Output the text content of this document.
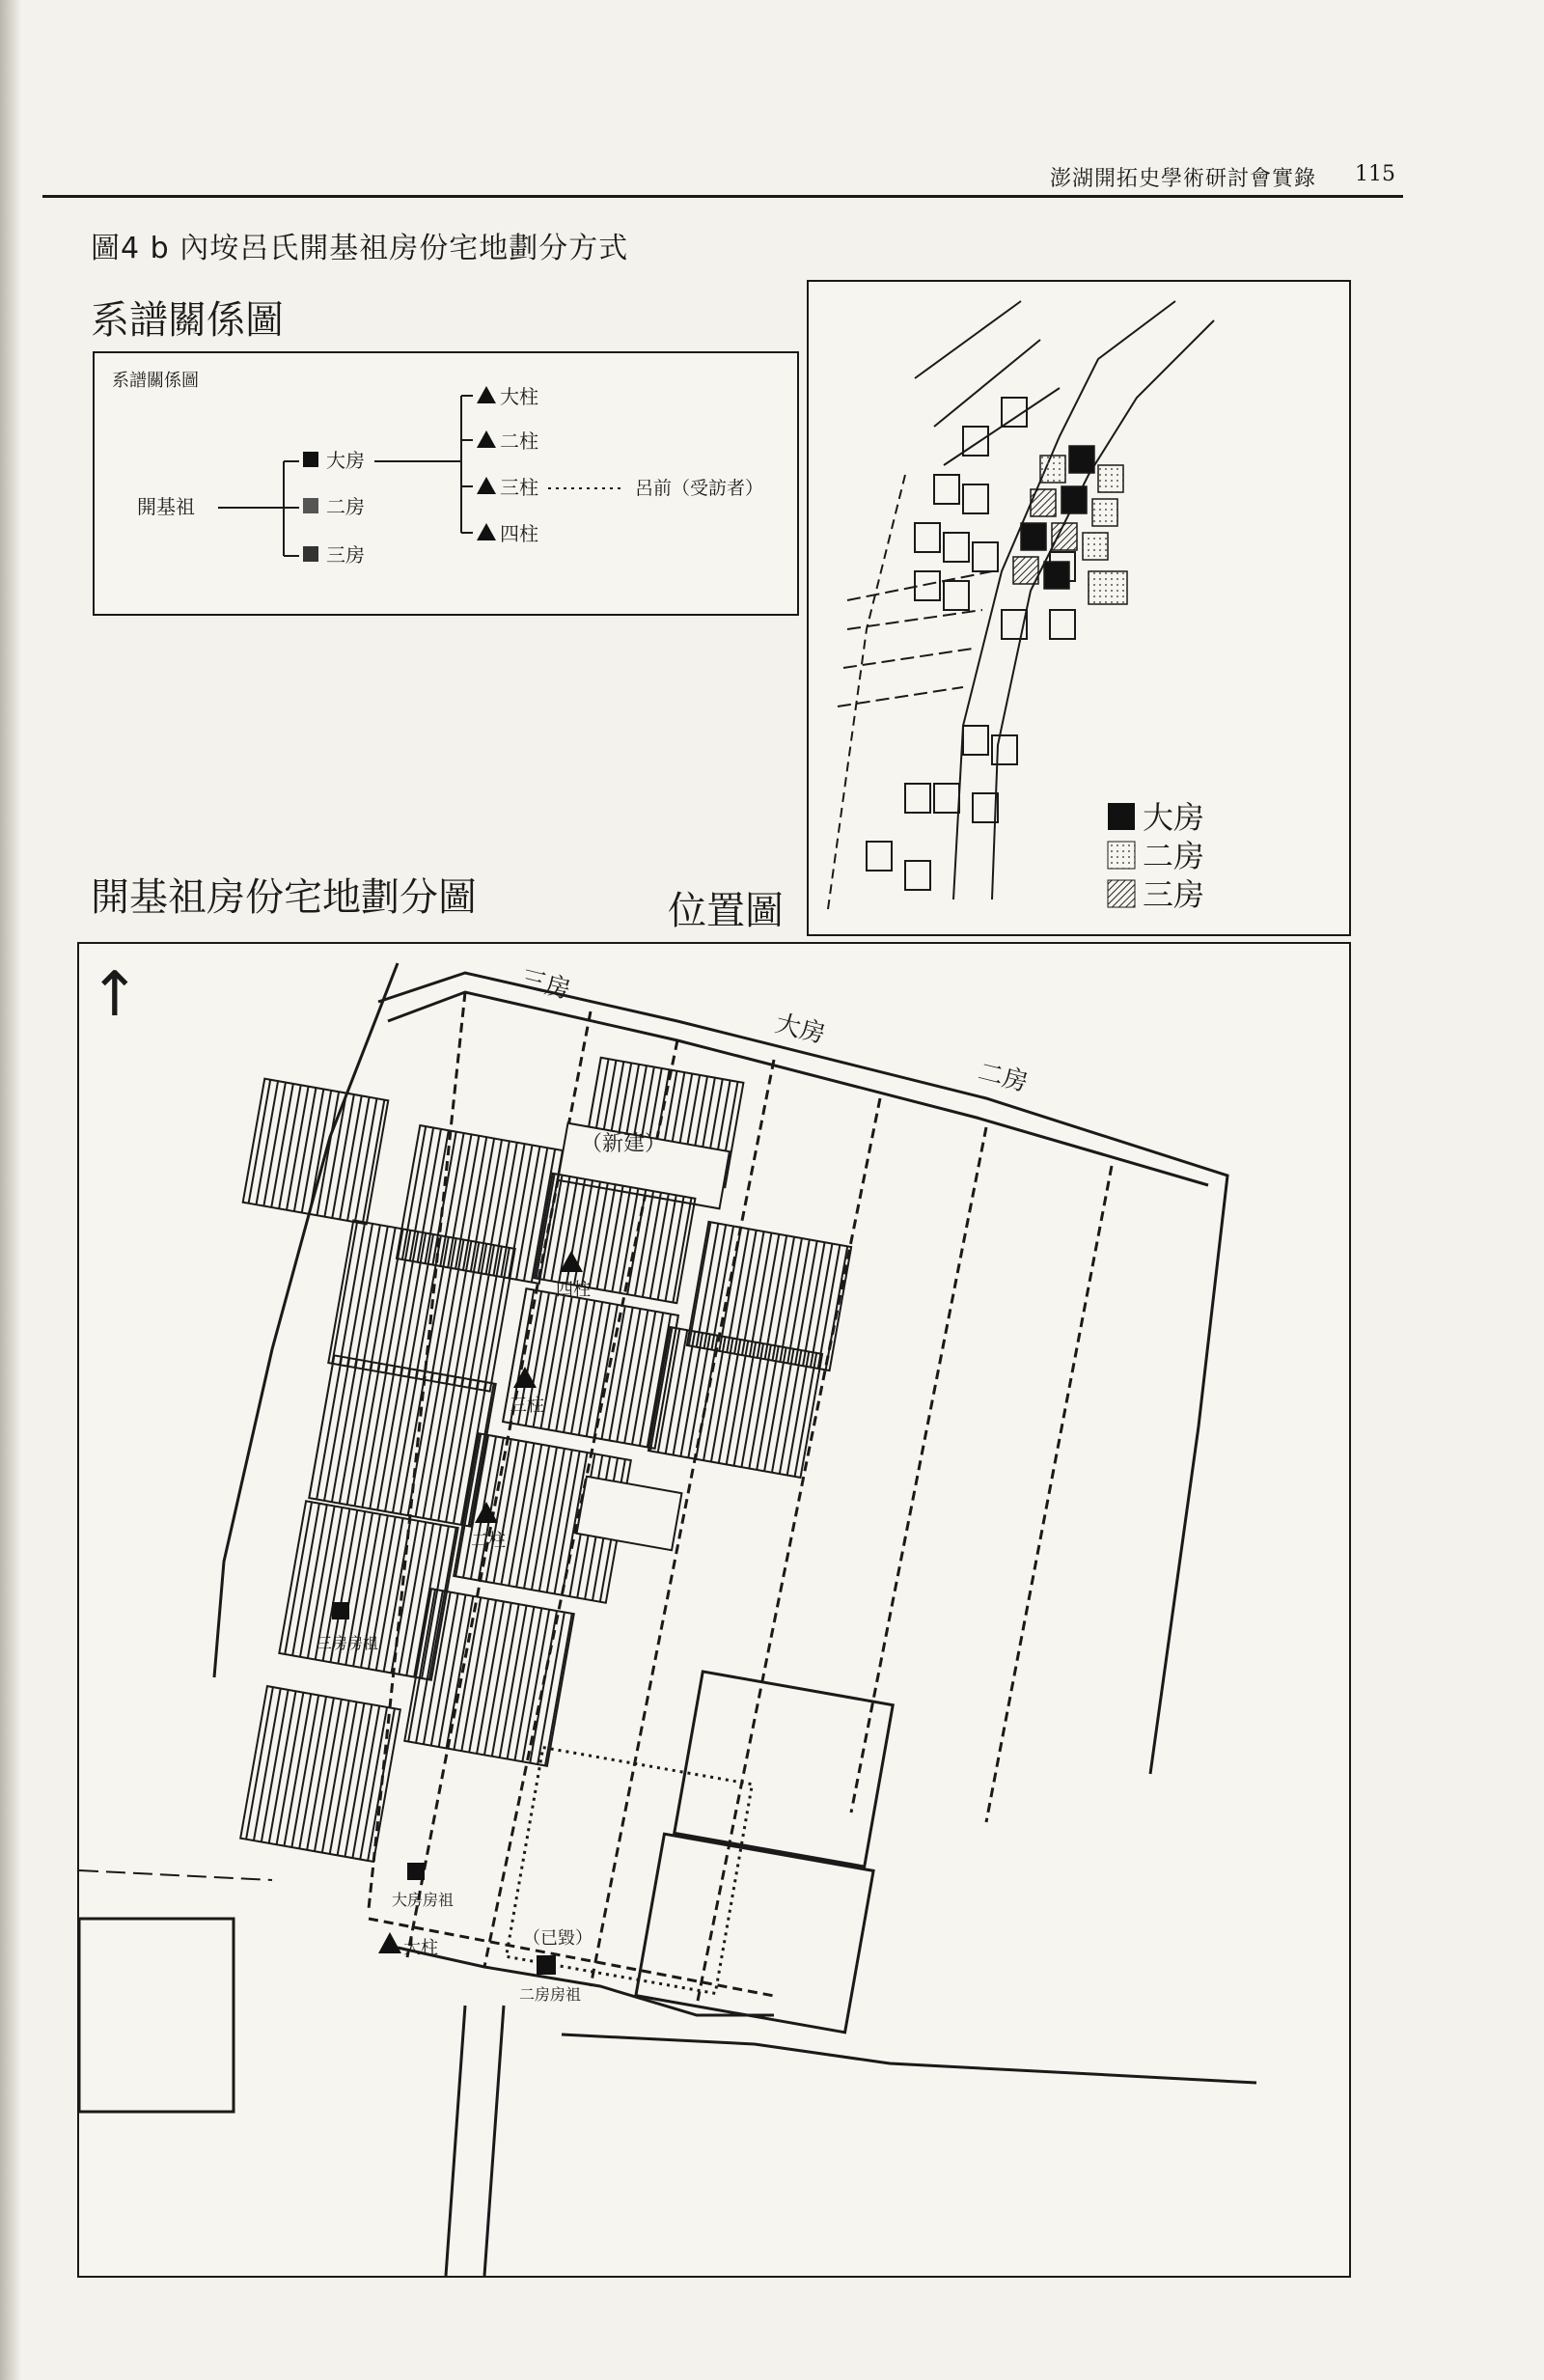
澎湖開拓史學術研討會實錄 115
圖4 b 內垵呂氏開基祖房份宅地劃分方式
系譜關係圖
系譜關係圖
開基祖
大房
二房
三房
大柱
二柱
三柱
四柱
呂前（受訪者）
大房
二房
三房
開基祖房份宅地劃分圖	位置圖
↑	三房
大房
二房
（新建）
四柱
三柱
二柱
三房房祖
大房房祖
大柱	（已毀）
二房房祖
